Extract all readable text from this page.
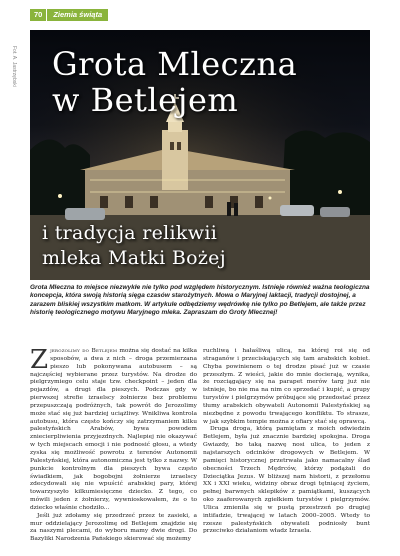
70	Ziemia świąta
Fot. A. Jastrzębski Grota Mleczna
w Betlejem
i tradycja relikwii
mleka Matki Bożej
Grota Mleczna to miejsce niezwykłe nie tylko pod względem historycznym. Istnieje również ważna teologiczna koncepcja, która swoją historią sięga czasów starożytnych. Mowa o Maryjnej laktacji, tradycji dostojnej, a zarazem bliskiej wszystkim matkom. W artykule odbędziemy wędrówkę nie tylko po Betlejem, ale także przez historię teologicznego motywu Maryjnego mleka. Zapraszam do Groty Mlecznej!

Zjerozolimy do Betlejem można się dostać na kilka sposobów, a dwa z nich – droga przemierzana pieszo lub pokonywana autobusem – są najczęściej wybierane przez turystów. Na drodze do pielgrzymiego celu staje tzw. checkpoint – jeden dla pojazdów, a drugi dla pieszych. Podczas gdy w pierwszej strefie izraelscy żołnierze bez problemu przepuszczają podróżnych, tak powrót do Jerozolimy może stać się już bardziej uciążliwy. Wnikliwa kontrola autobusu, która często kończy się zatrzymaniem kilku palestyńskich Arabów, bywa powodem zniecierpliwienia przyjezdnych. Najlepiej nie okazywać w tych miejscach emocji i nie podnosić głosu, a wtedy zyska się możliwość powrotu z terenów Autonomii Palestyńskiej, która autonomiczna jest tylko z nazwy. W punkcie kontrolnym dla pieszych bywa często świadkiem, jak bogobojni żołnierze izraelscy zdecydowali się nie wpuścić arabskiej pary, której towarzyszyło kilkumiesięczne dziecko. Z tego, co mówili jeden z żołnierzy, wywnioskowałem, że o to dziecko właśnie chodziło...

Jeśli już zdołamy się przedrzeć przez te zasieki, a mur oddzielający Jerozolimę od Betlejem znajdzie się za naszymi plecami, do wyboru mamy dwie drogi. Do Bazyliki Narodzenia Pańskiego skierować się możemy

ruchliwą i hałaśliwą ulicą, na której roi się od straganów i przeciskających się tam arabskich kobiet. Chyba powinienem o tej drodze pisać już w czasie przeszłym. Z wieści, jakie do mnie docierają, wynika, że rozciągający się na parapet merów targ już nie istnieje, bo nie ma na nim co sprzedać i kupić, a grupy turystów i pielgrzymów próbujące się przedostać przez tłumy arabskich obywateli Autonomii Palestyńskiej są niezbędne z powodu trwającego konfliktu. To strasze, w jak szybkim tempie można z ofiary stać się oprawcą.

Druga droga, którą pamiętam z moich odwiedzin Betlejem, była już znacznie bardziej spokojna. Droga Gwiazdy, bo taką nazwę nosi ulica, to jeden z najstarszych odcinków drogowych w Betlejem. W pamięci historycznej przetrwała jako namacalny ślad obecności Trzech Mędrców, którzy podążali do Dzieciątka Jezus. W bliższej nam historii, z przełomu XX i XXI wieku, widziny obraz drogi tętniącej życiem, pełnej barwnych sklepików z pamiątkami, kuszących oko zaaferowanych zgiełkiem turystów i pielgrzymów. Ulica zmieniła się w pustą przestrzeń po drugiej intifadzie, trwającej w latach 2000–2005. Wtedy to rzesze palestyńskich obywateli podniosły bunt przeciwko działaniom władz Izraela.
